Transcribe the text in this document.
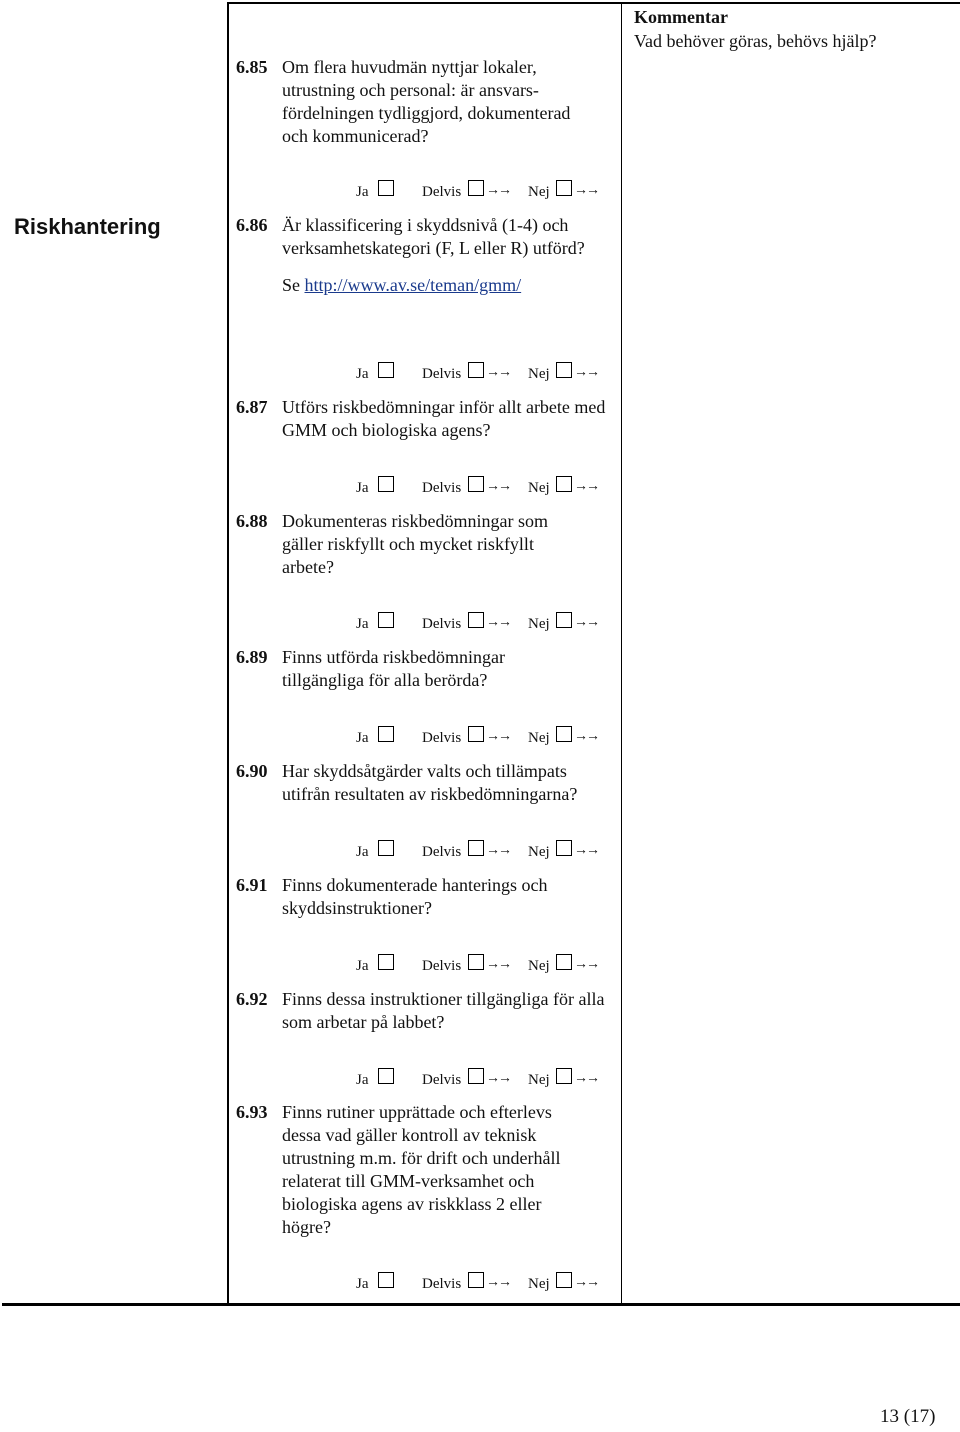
Kommentar
Vad behöver göras, behövs hjälp?
Riskhantering
6.85 Om flera huvudmän nyttjar lokaler, utrustning och personal: är ansvars-fördelningen tydliggjord, dokumenterad och kommunicerad?
Ja	Delvis →→ Nej →→
6.86 Är klassificering i skyddsnivå (1-4) och verksamhetskategori (F, L eller R) utförd?
Se http://www.av.se/teman/gmm/
Ja	Delvis →→ Nej →→
6.87 Utförs riskbedömningar inför allt arbete med GMM och biologiska agens?
Ja	Delvis →→ Nej →→
6.88 Dokumenteras riskbedömningar som gäller riskfyllt och mycket riskfyllt arbete?
Ja	Delvis →→ Nej →→
6.89 Finns utförda riskbedömningar tillgängliga för alla berörda?
Ja	Delvis →→ Nej →→
6.90 Har skyddsåtgärder valts och tillämpats utifrån resultaten av riskbedömningarna?
Ja	Delvis →→ Nej →→
6.91 Finns dokumenterade hanterings och skyddsinstruktioner?
Ja	Delvis →→ Nej →→
6.92 Finns dessa instruktioner tillgängliga för alla som arbetar på labbet?
Ja	Delvis →→ Nej →→
6.93 Finns rutiner upprättade och efterlevs dessa vad gäller kontroll av teknisk utrustning m.m. för drift och underhåll relaterat till GMM-verksamhet och biologiska agens av riskklass 2 eller högre?
Ja	Delvis →→ Nej →→
13 (17)
